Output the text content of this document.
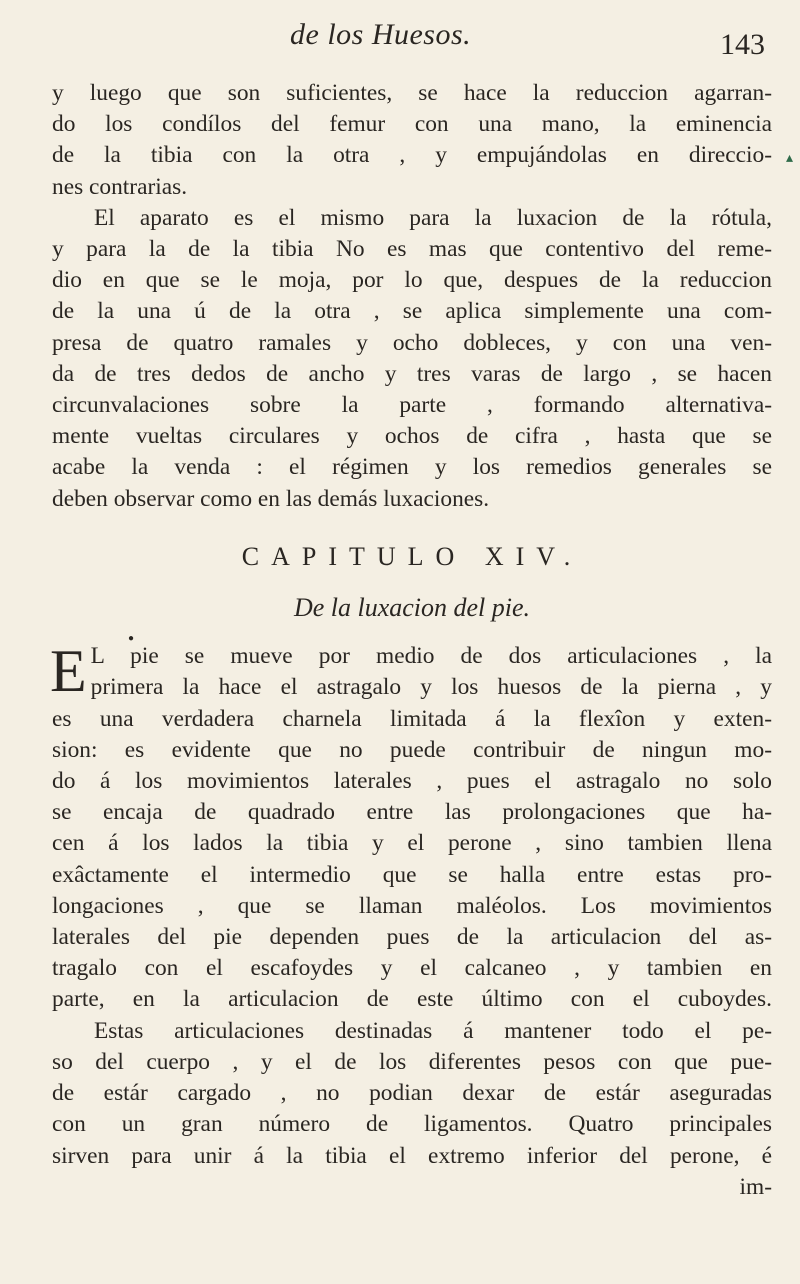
de los Huesos.	143
▴
y luego que son suficientes, se hace la reduccion agarran-
do los condílos del femur con una mano, la eminencia
de la tibia con la otra , y empujándolas en direccio-
nes contrarias.
El aparato es el mismo para la luxacion de la rótula,
y para la de la tibia No es mas que contentivo del reme-
dio en que se le moja, por lo que, despues de la reduccion
de la una ú de la otra , se aplica simplemente una com-
presa de quatro ramales y ocho dobleces, y con una ven-
da de tres dedos de ancho y tres varas de largo , se hacen
circunvalaciones sobre la parte , formando alternativa-
mente vueltas circulares y ochos de cifra , hasta que se
acabe la venda : el régimen y los remedios generales se
deben observar como en las demás luxaciones.
CAPITULO XIV.
De la luxacion del pie.
●
E L pie se mueve por medio de dos articulaciones , la
primera la hace el astragalo y los huesos de la pierna , y
es una verdadera charnela limitada á la flexîon y exten-
sion: es evidente que no puede contribuir de ningun mo-
do á los movimientos laterales , pues el astragalo no solo
se encaja de quadrado entre las prolongaciones que ha-
cen á los lados la tibia y el perone , sino tambien llena
exâctamente el intermedio que se halla entre estas pro-
longaciones , que se llaman maléolos. Los movimientos
laterales del pie dependen pues de la articulacion del as-
tragalo con el escafoydes y el calcaneo , y tambien en
parte, en la articulacion de este último con el cuboydes.
Estas articulaciones destinadas á mantener todo el pe-
so del cuerpo , y el de los diferentes pesos con que pue-
de estár cargado , no podian dexar de estár aseguradas
con un gran número de ligamentos. Quatro principales
sirven para unir á la tibia el extremo inferior del perone, é
im-
